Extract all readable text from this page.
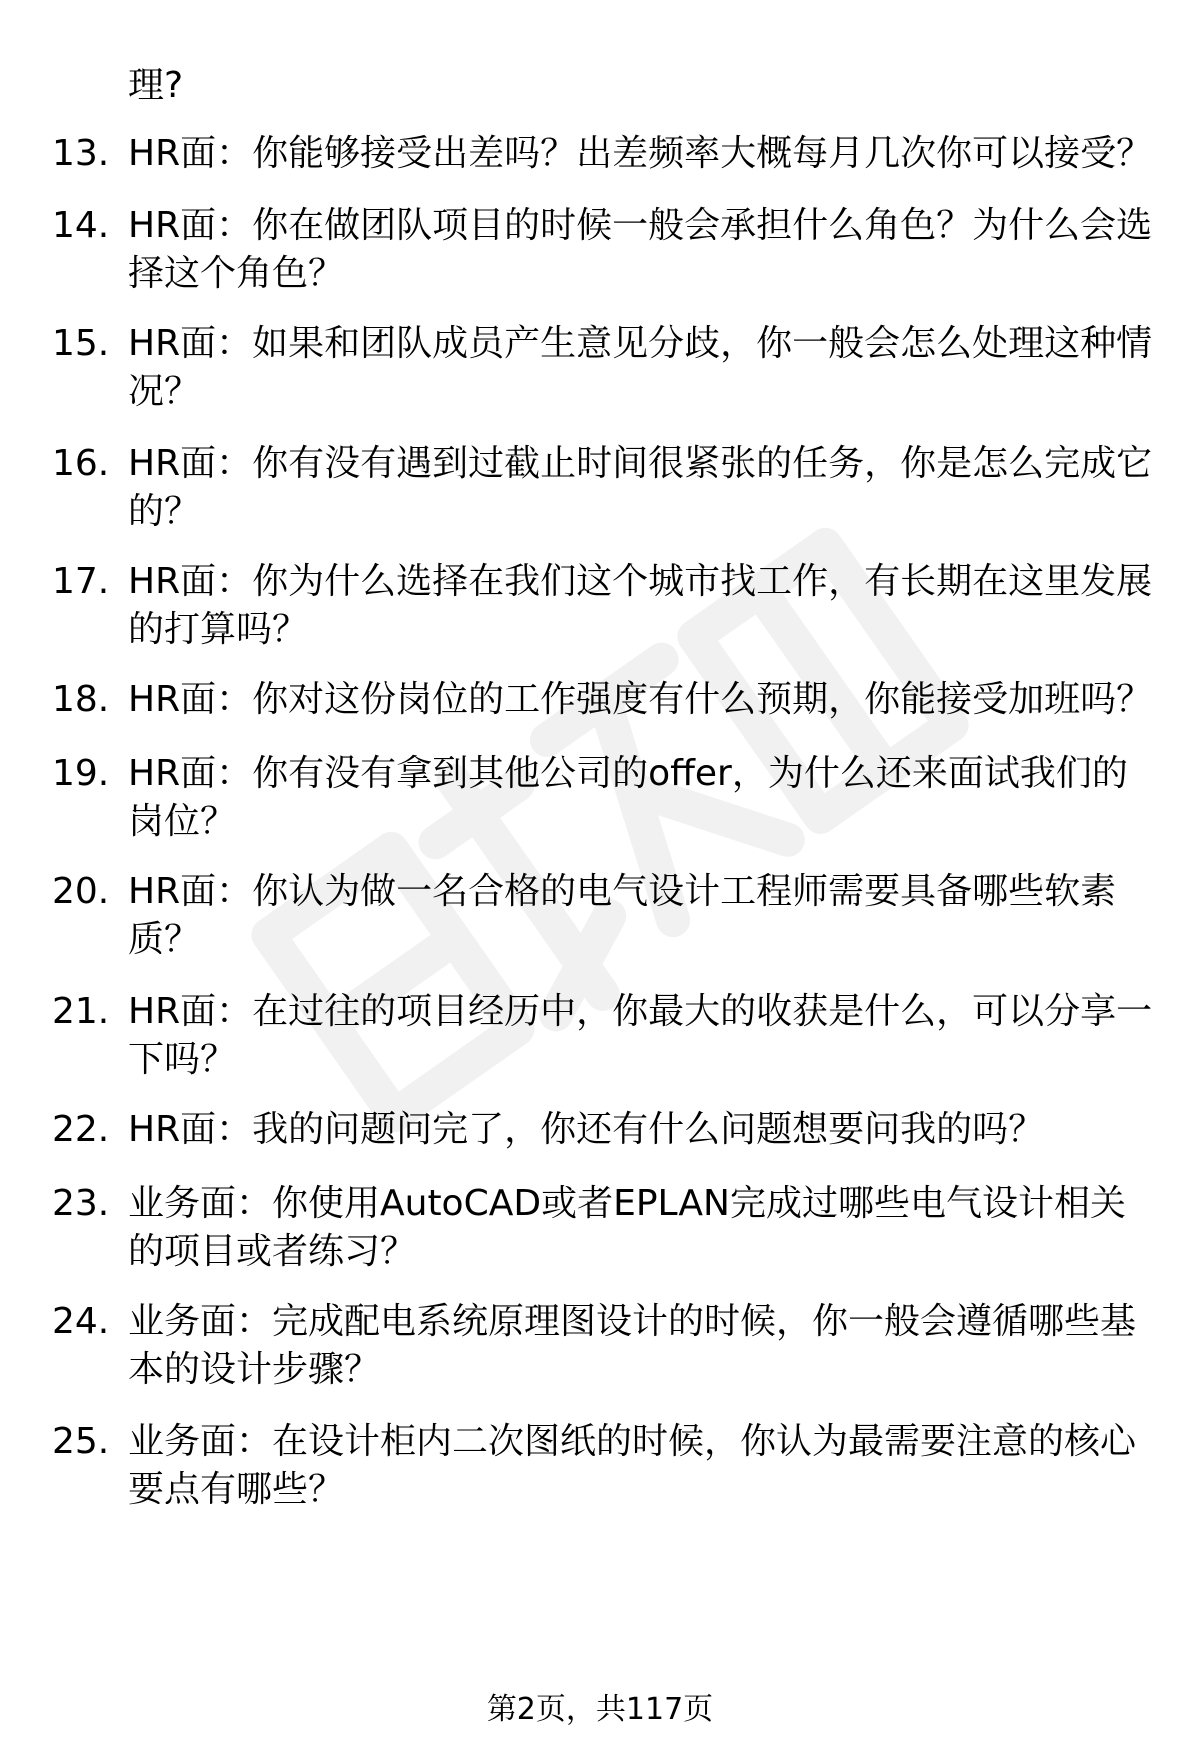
理?
13. HR面：你能够接受出差吗？出差频率大概每月几次你可以接受？
14. HR面：你在做团队项目的时候一般会承担什么角色？为什么会选择这个角色？
15. HR面：如果和团队成员产生意见分歧，你一般会怎么处理这种情况？
16. HR面：你有没有遇到过截止时间很紧张的任务，你是怎么完成它的？
17. HR面：你为什么选择在我们这个城市找工作，有长期在这里发展的打算吗？
18. HR面：你对这份岗位的工作强度有什么预期，你能接受加班吗？
19. HR面：你有没有拿到其他公司的offer，为什么还来面试我们的岗位？
20. HR面：你认为做一名合格的电气设计工程师需要具备哪些软素质？
21. HR面：在过往的项目经历中，你最大的收获是什么，可以分享一下吗？
22. HR面：我的问题问完了，你还有什么问题想要问我的吗？
23. 业务面：你使用AutoCAD或者EPLAN完成过哪些电气设计相关的项目或者练习？
24. 业务面：完成配电系统原理图设计的时候，你一般会遵循哪些基本的设计步骤？
25. 业务面：在设计柜内二次图纸的时候，你认为最需要注意的核心要点有哪些？
第2页，共117页
